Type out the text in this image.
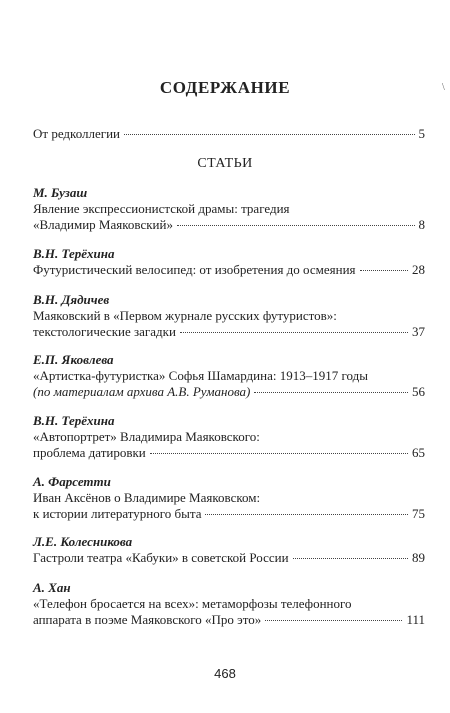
\
СОДЕРЖАНИЕ
От редколлегии	5
СТАТЬИ
М. Бузаш
Явление экспрессионистской драмы: трагедия
«Владимир Маяковский»	8
В.Н. Терёхина
Футуристический велосипед: от изобретения до осмеяния	28
В.Н. Дядичев
Маяковский в «Первом журнале русских футуристов»:
текстологические загадки	37
Е.П. Яковлева
«Артистка-футуристка» Софья Шамардина: 1913–1917 годы
(по материалам архива А.В. Руманова)	56
В.Н. Терёхина
«Автопортрет» Владимира Маяковского:
проблема датировки	65
А. Фарсетти
Иван Аксёнов о Владимире Маяковском:
к истории литературного быта	75
Л.Е. Колесникова
Гастроли театра «Кабуки» в советской России	89
А. Хан
«Телефон бросается на всех»: метаморфозы телефонного
аппарата в поэме Маяковского «Про это»	111
468
